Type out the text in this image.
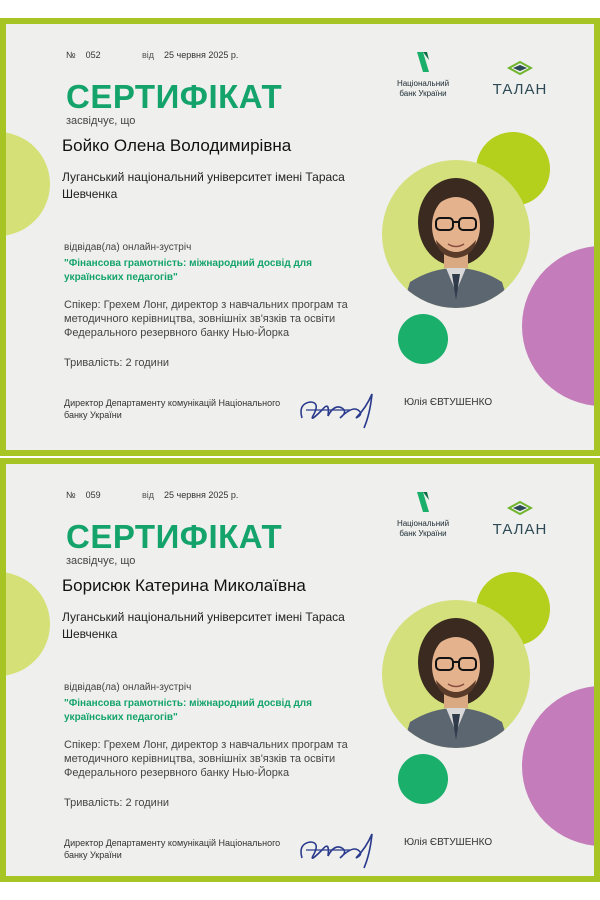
№ 052	від 25 червня 2025 р.
Національний банк України	ТАЛАН
СЕРТИФІКАТ
засвідчує, що
Бойко Олена Володимирівна
Луганський національний університет імені Тараса Шевченка
відвідав(ла) онлайн-зустріч
"Фінансова грамотність: міжнародний досвід для українських педагогів"
Спікер: Грехем Лонг, директор з навчальних програм та методичного керівництва, зовнішніх зв'язків та освіти Федерального резервного банку Нью-Йорка
Тривалість: 2 години
Директор Департаменту комунікацій Національного банку України
Юлія ЄВТУШЕНКО
№ 059	від 25 червня 2025 р.
Національний банк України	ТАЛАН
СЕРТИФІКАТ
засвідчує, що
Борисюк Катерина Миколаївна
Луганський національний університет імені Тараса Шевченка
відвідав(ла) онлайн-зустріч
"Фінансова грамотність: міжнародний досвід для українських педагогів"
Спікер: Грехем Лонг, директор з навчальних програм та методичного керівництва, зовнішніх зв'язків та освіти Федерального резервного банку Нью-Йорка
Тривалість: 2 години
Директор Департаменту комунікацій Національного банку України
Юлія ЄВТУШЕНКО
